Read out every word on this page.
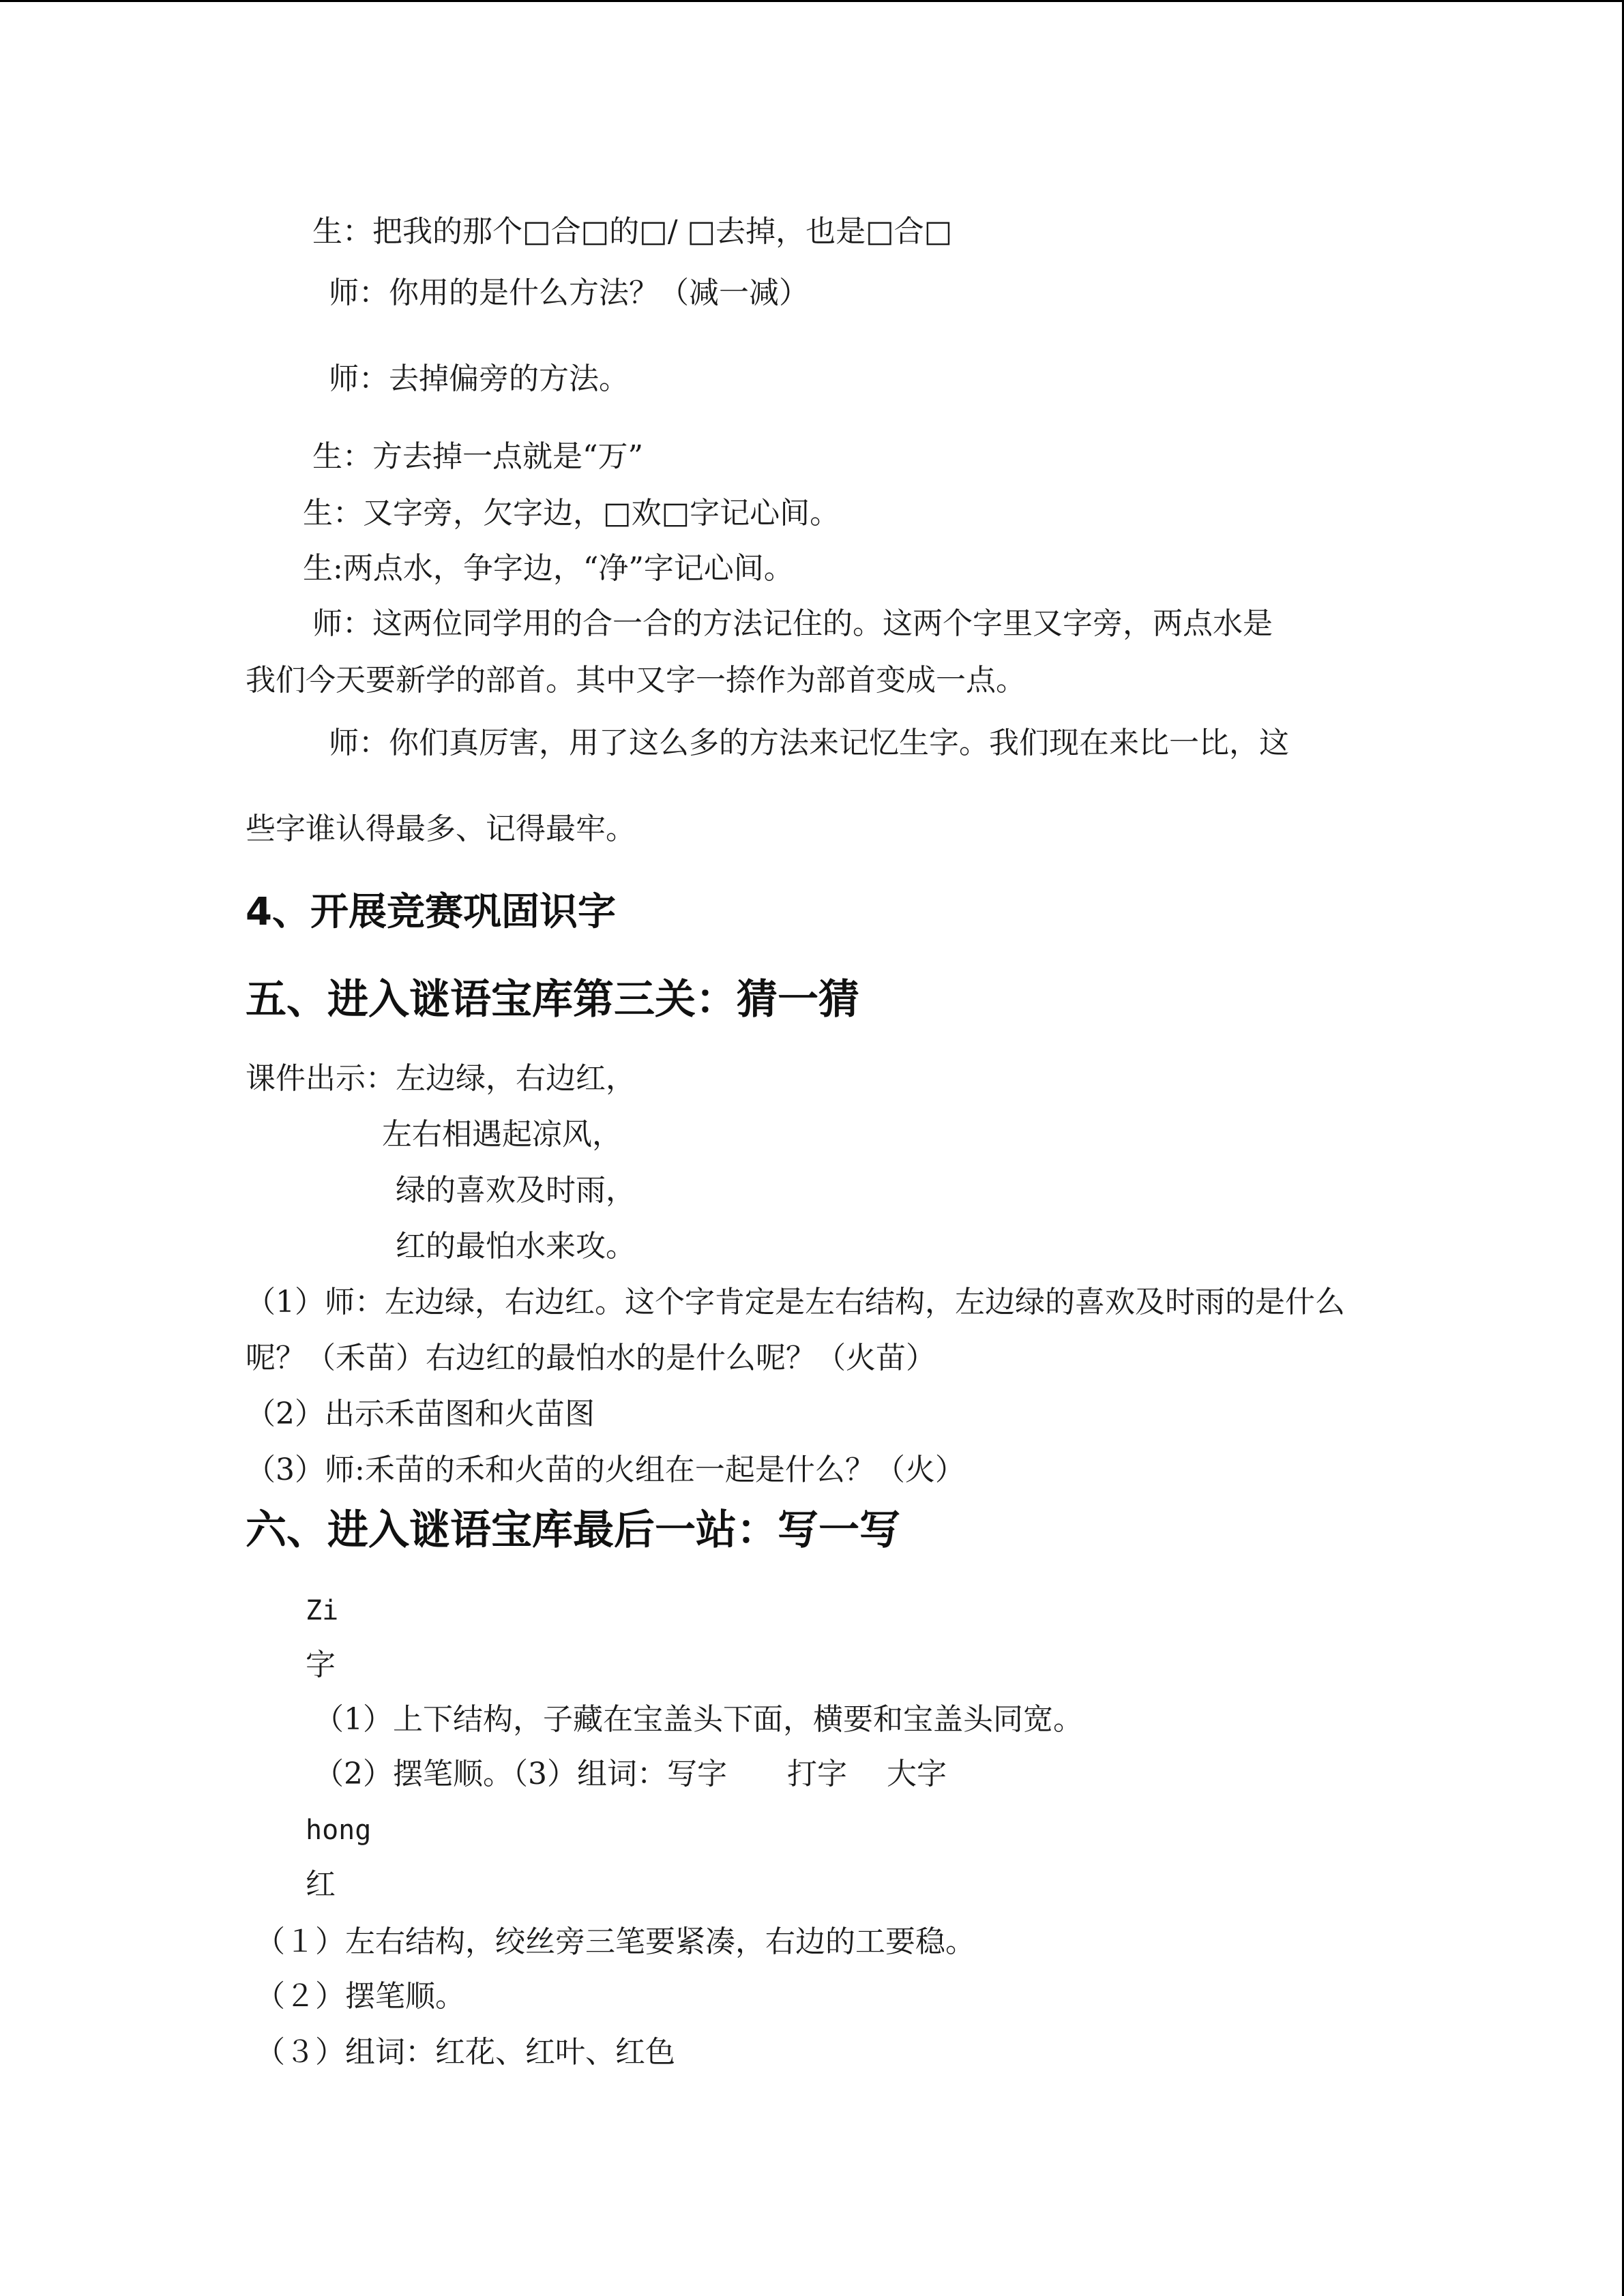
生：把我的那个□合□的□/ □去掉，也是□合□
师：你用的是什么方法？（减一减）
师：去掉偏旁的方法。
生：方去掉一点就是“万”
生：又字旁，欠字边，□欢□字记心间。
生:两点水，争字边，“净”字记心间。
师：这两位同学用的合一合的方法记住的。这两个字里又字旁，两点水是
我们今天要新学的部首。其中又字一捺作为部首变成一点。
师：你们真厉害，用了这么多的方法来记忆生字。我们现在来比一比，这
些字谁认得最多、记得最牢。
4、开展竞赛巩固识字
五、进入谜语宝库第三关：猜一猜
课件出示：左边绿，右边红，
左右相遇起凉风，
绿的喜欢及时雨，
红的最怕水来攻。
（1）师：左边绿，右边红。这个字肯定是左右结构，左边绿的喜欢及时雨的是什么
呢？（禾苗）右边红的最怕水的是什么呢？（火苗）
（2）出示禾苗图和火苗图
（3）师:禾苗的禾和火苗的火组在一起是什么？（火）
六、进入谜语宝库最后一站：写一写
Zi
字
（1）上下结构，子藏在宝盖头下面，横要和宝盖头同宽。
（2）摆笔顺。（3）组词：写字　　打字　 大字
hong
红
（１）左右结构，绞丝旁三笔要紧凑，右边的工要稳。
（２）摆笔顺。
（３）组词：红花、红叶、红色
